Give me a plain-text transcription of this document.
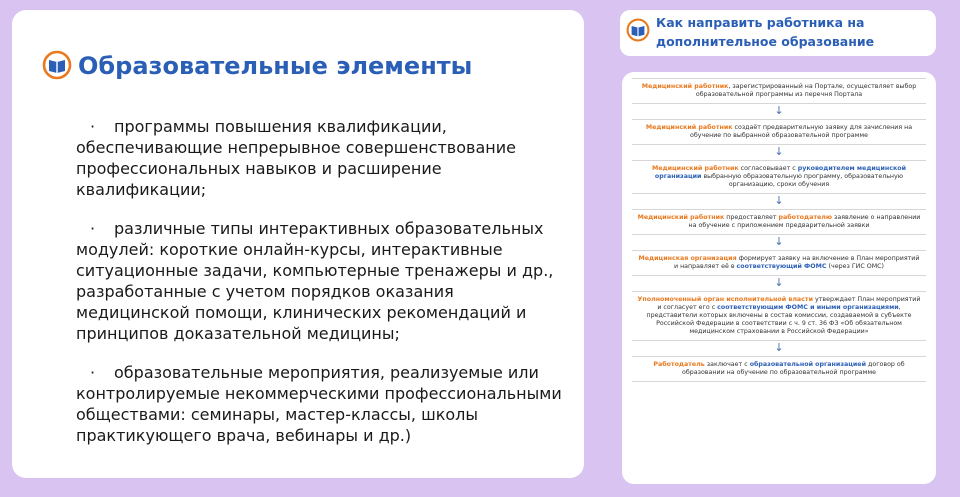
Образовательные элементы
·	программы повышения квалификации, обеспечивающие непрерывное совершенствование профессиональных навыков и расширение квалификации;
·	различные типы интерактивных образовательных модулей: короткие онлайн-курсы, интерактивные ситуационные задачи, компьютерные тренажеры и др., разработанные с учетом порядков оказания медицинской помощи, клинических рекомендаций и принципов доказательной медицины;
·	образовательные мероприятия, реализуемые или контролируемые некоммерческими профессиональными обществами: семинары, мастер-классы, школы практикующего врача, вебинары и др.)
Как направить работника на дополнительное образование
Медицинский работник, зарегистрированный на Портале, осуществляет выбор образовательной программы из перечня Портала
↓
Медицинский работник создаёт предварительную заявку для зачисления на обучение по выбранной образовательной программе
↓
Медицинский работник согласовывает с руководителем медицинской организации выбранную образовательную программу, образовательную организацию, сроки обучения
↓
Медицинский работник предоставляет работодателю заявление о направлении на обучение с приложением предварительной заявки
↓
Медицинская организация формирует заявку на включение в План мероприятий и направляет её в соответствующий ФОМС (через ГИС ОМС)
↓
Уполномоченный орган исполнительной власти утверждает План мероприятий и согласует его с соответствующим ФОМС и иными организациями, представители которых включены в состав комиссии, создаваемой в субъекте Российской Федерации в соответствии с ч. 9 ст. 36 ФЗ «Об обязательном медицинском страховании в Российской Федерации»
↓
Работодатель заключает с образовательной организацией договор об образовании на обучение по образовательной программе
